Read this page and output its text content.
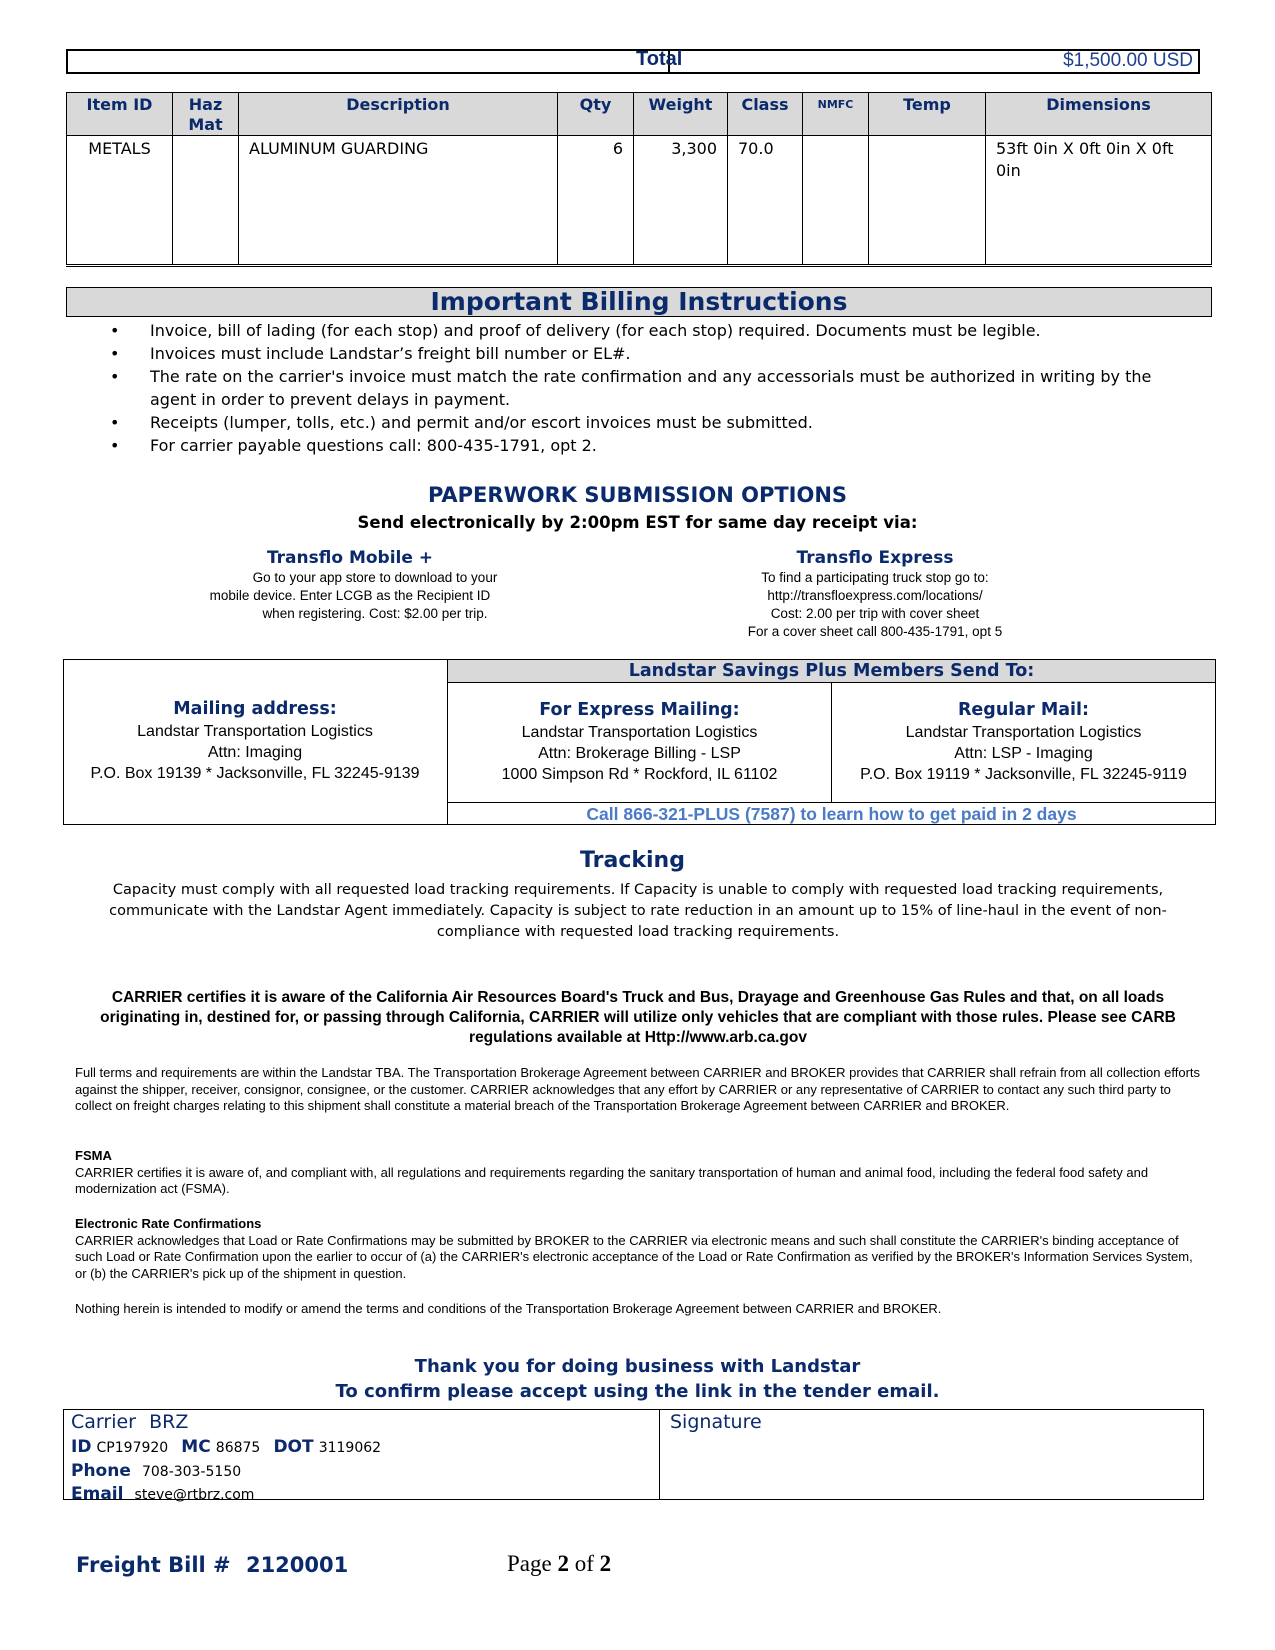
Total	$1,500.00 USD
Item ID	Haz Mat	Description	Qty	Weight	Class	NMFC	Temp	Dimensions
METALS		ALUMINUM GUARDING	6	3,300	70.0			53ft 0in X 0ft 0in X 0ft 0in
Important Billing Instructions
• Invoice, bill of lading (for each stop) and proof of delivery (for each stop) required. Documents must be legible.
• Invoices must include Landstar’s freight bill number or EL#.
• The rate on the carrier's invoice must match the rate confirmation and any accessorials must be authorized in writing by the agent in order to prevent delays in payment.
• Receipts (lumper, tolls, etc.) and permit and/or escort invoices must be submitted.
• For carrier payable questions call: 800-435-1791, opt 2.
PAPERWORK SUBMISSION OPTIONS
Send electronically by 2:00pm EST for same day receipt via:
Transflo Mobile +
Go to your app store to download to your
mobile device. Enter LCGB as the Recipient ID
when registering. Cost: $2.00 per trip.
Transflo Express
To find a participating truck stop go to:
http://transfloexpress.com/locations/
Cost: 2.00 per trip with cover sheet
For a cover sheet call 800-435-1791, opt 5
Mailing address:
Landstar Transportation Logistics
Attn: Imaging
P.O. Box 19139 * Jacksonville, FL 32245-9139
Landstar Savings Plus Members Send To:
For Express Mailing:
Landstar Transportation Logistics
Attn: Brokerage Billing - LSP
1000 Simpson Rd * Rockford, IL 61102
Regular Mail:
Landstar Transportation Logistics
Attn: LSP - Imaging
P.O. Box 19119 * Jacksonville, FL 32245-9119
Call 866-321-PLUS (7587) to learn how to get paid in 2 days
Tracking
Capacity must comply with all requested load tracking requirements. If Capacity is unable to comply with requested load tracking requirements, communicate with the Landstar Agent immediately. Capacity is subject to rate reduction in an amount up to 15% of line-haul in the event of non-compliance with requested load tracking requirements.
CARRIER certifies it is aware of the California Air Resources Board's Truck and Bus, Drayage and Greenhouse Gas Rules and that, on all loads originating in, destined for, or passing through California, CARRIER will utilize only vehicles that are compliant with those rules. Please see CARB regulations available at Http://www.arb.ca.gov
Full terms and requirements are within the Landstar TBA. The Transportation Brokerage Agreement between CARRIER and BROKER provides that CARRIER shall refrain from all collection efforts against the shipper, receiver, consignor, consignee, or the customer. CARRIER acknowledges that any effort by CARRIER or any representative of CARRIER to contact any such third party to collect on freight charges relating to this shipment shall constitute a material breach of the Transportation Brokerage Agreement between CARRIER and BROKER.
FSMA
CARRIER certifies it is aware of, and compliant with, all regulations and requirements regarding the sanitary transportation of human and animal food, including the federal food safety and modernization act (FSMA).
Electronic Rate Confirmations
CARRIER acknowledges that Load or Rate Confirmations may be submitted by BROKER to the CARRIER via electronic means and such shall constitute the CARRIER's binding acceptance of such Load or Rate Confirmation upon the earlier to occur of (a) the CARRIER's electronic acceptance of the Load or Rate Confirmation as verified by the BROKER's Information Services System, or (b) the CARRIER's pick up of the shipment in question.
Nothing herein is intended to modify or amend the terms and conditions of the Transportation Brokerage Agreement between CARRIER and BROKER.
Thank you for doing business with Landstar
To confirm please accept using the link in the tender email.
Carrier BRZ
ID CP197920 MC 86875 DOT 3119062
Phone 708-303-5150
Email steve@rtbrz.com
Signature
Freight Bill # 2120001	Page 2 of 2
